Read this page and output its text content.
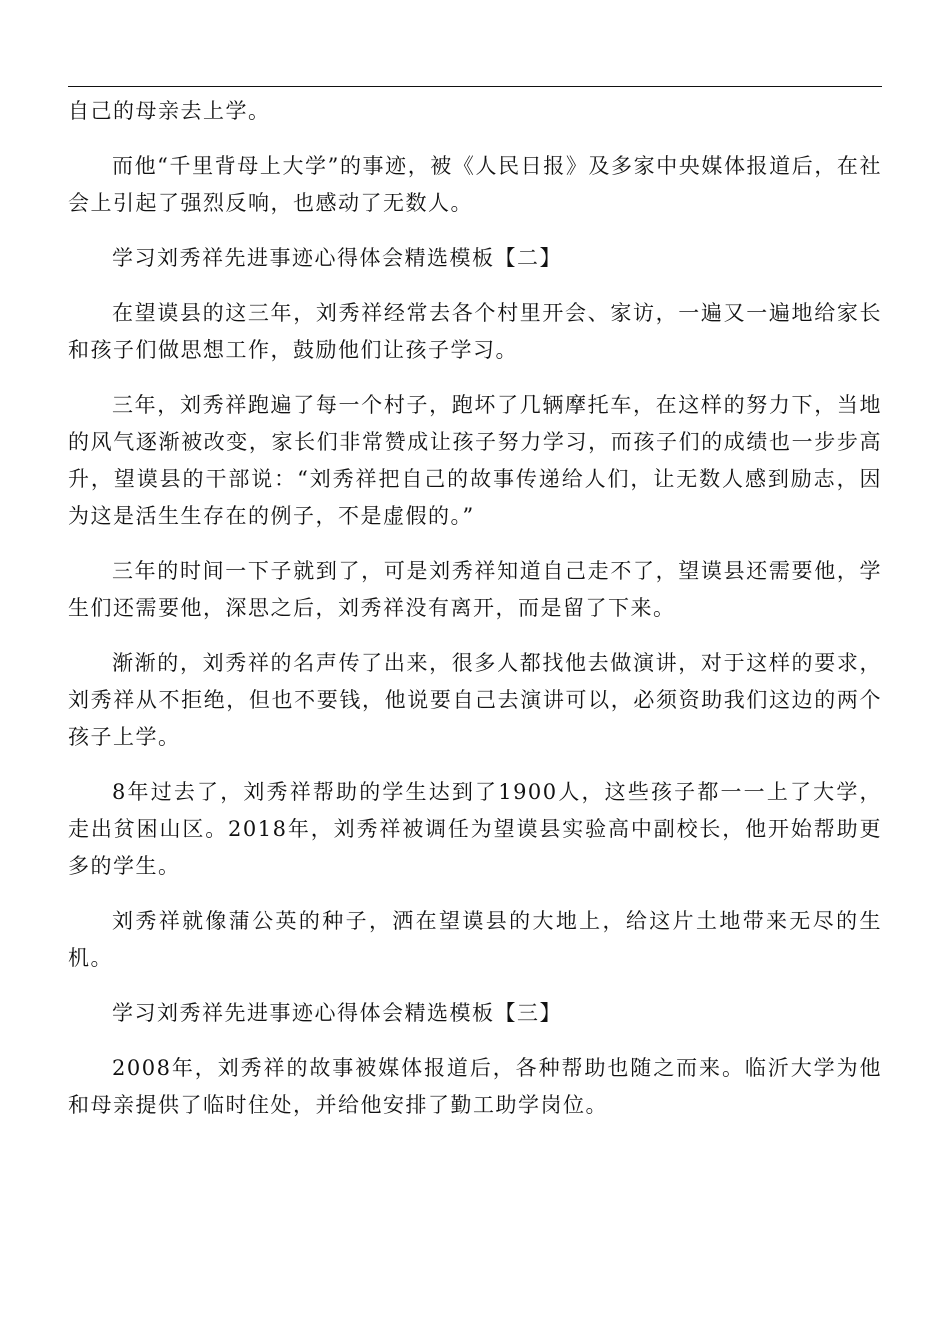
自己的母亲去上学。

而他“千里背母上大学”的事迹，被《人民日报》及多家中央媒体报道后，在社会上引起了强烈反响，也感动了无数人。

学习刘秀祥先进事迹心得体会精选模板【二】

在望谟县的这三年，刘秀祥经常去各个村里开会、家访，一遍又一遍地给家长和孩子们做思想工作，鼓励他们让孩子学习。

三年，刘秀祥跑遍了每一个村子，跑坏了几辆摩托车，在这样的努力下，当地的风气逐渐被改变，家长们非常赞成让孩子努力学习，而孩子们的成绩也一步步高升，望谟县的干部说：“刘秀祥把自己的故事传递给人们，让无数人感到励志，因为这是活生生存在的例子，不是虚假的。”

三年的时间一下子就到了，可是刘秀祥知道自己走不了，望谟县还需要他，学生们还需要他，深思之后，刘秀祥没有离开，而是留了下来。

渐渐的，刘秀祥的名声传了出来，很多人都找他去做演讲，对于这样的要求，刘秀祥从不拒绝，但也不要钱，他说要自己去演讲可以，必须资助我们这边的两个孩子上学。

8年过去了，刘秀祥帮助的学生达到了1900人，这些孩子都一一上了大学，走出贫困山区。2018年，刘秀祥被调任为望谟县实验高中副校长，他开始帮助更多的学生。

刘秀祥就像蒲公英的种子，洒在望谟县的大地上，给这片土地带来无尽的生机。

学习刘秀祥先进事迹心得体会精选模板【三】

2008年，刘秀祥的故事被媒体报道后，各种帮助也随之而来。临沂大学为他和母亲提供了临时住处，并给他安排了勤工助学岗位。
